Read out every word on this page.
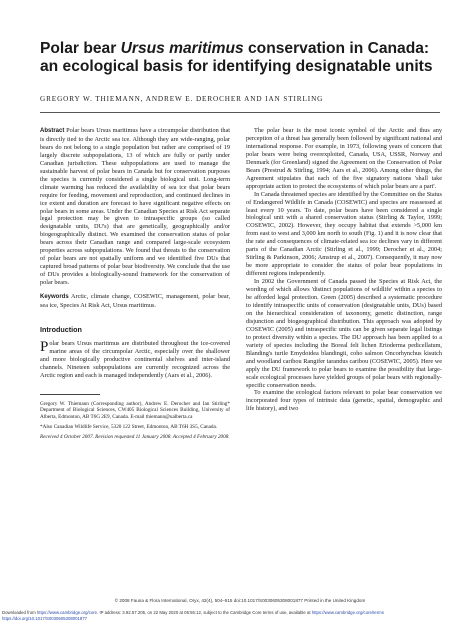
Polar bear Ursus maritimus conservation in Canada: an ecological basis for identifying designatable units
GREGORY W. THIEMANN, ANDREW E. DEROCHER AND IAN STIRLING

Abstract Polar bears Ursus maritimus have a circumpolar distribution that is directly tied to the Arctic sea ice. Although they are wide-ranging, polar bears do not belong to a single population but rather are comprised of 19 largely discrete subpopulations, 13 of which are fully or partly under Canadian jurisdiction. These subpopulations are used to manage the sustainable harvest of polar bears in Canada but for conservation purposes the species is currently considered a single biological unit. Long-term climate warming has reduced the availability of sea ice that polar bears require for feeding, movement and reproduction, and continued declines in ice extent and duration are forecast to have significant negative effects on polar bears in some areas. Under the Canadian Species at Risk Act separate legal protection may be given to intraspecific groups (so called designatable units, DU's) that are genetically, geographically and/or biogeographically distinct. We examined the conservation status of polar bears across their Canadian range and compared large-scale ecosystem properties across subpopulations. We found that threats to the conservation of polar bears are not spatially uniform and we identified five DUs that captured broad patterns of polar bear biodiversity. We conclude that the use of DUs provides a biologically-sound framework for the conservation of polar bears.

Keywords Arctic, climate change, COSEWIC, management, polar bear, sea ice, Species At Risk Act, Ursus maritimus.

Introduction

Polar bears Ursus maritimus are distributed throughout the ice-covered marine areas of the circumpolar Arctic, especially over the shallower and more biologically productive continental shelves and inter-island channels. Nineteen subpopulations are currently recognized across the Arctic region and each is managed independently (Aars et al., 2006).

Gregory W. Thiemann (Corresponding author), Andrew E. Derocher and Ian Stirling* Department of Biological Sciences, CW405 Biological Sciences Building, University of Alberta, Edmonton, AB T6G 2E9, Canada. E-mail thiemann@ualberta.ca

*Also Canadian Wildlife Service, 5320 122 Street, Edmonton, AB T6H 3S5, Canada.

Received 4 October 2007. Revision requested 11 January 2008. Accepted 4 February 2008.

The polar bear is the most iconic symbol of the Arctic and thus any perception of a threat has generally been followed by significant national and international response. For example, in 1973, following years of concern that polar bears were being overexploited, Canada, USA, USSR, Norway and Denmark (for Greenland) signed the Agreement on the Conservation of Polar Bears (Prestrud & Stirling, 1994; Aars et al., 2006). Among other things, the Agreement stipulates that each of the five signatory nations 'shall take appropriate action to protect the ecosystems of which polar bears are a part'.

In Canada threatened species are identified by the Committee on the Status of Endangered Wildlife in Canada (COSEWIC) and species are reassessed at least every 10 years. To date, polar bears have been considered a single biological unit with a shared conservation status (Stirling & Taylor, 1999; COSEWIC, 2002). However, they occupy habitat that extends >5,000 km from east to west and 3,000 km north to south (Fig. 1) and it is now clear that the rate and consequences of climate-related sea ice declines vary in different parts of the Canadian Arctic (Stirling et al., 1999; Derocher et al., 2004; Stirling & Parkinson, 2006; Amstrup et al., 2007). Consequently, it may now be more appropriate to consider the status of polar bear populations in different regions independently.

In 2002 the Government of Canada passed the Species at Risk Act, the wording of which allows 'distinct populations of wildlife' within a species to be afforded legal protection. Green (2005) described a systematic procedure to identify intraspecific units of conservation (designatable units, DUs) based on the hierarchical consideration of taxonomy, genetic distinction, range disjunction and biogeographical distribution. This approach was adopted by COSEWIC (2005) and intraspecific units can be given separate legal listings to protect diversity within a species. The DU approach has been applied to a variety of species including the Boreal felt lichen Erioderma pedicellatum, Blanding's turtle Emydoidea blandingii, coho salmon Oncorhynchus kisutch and woodland caribou Rangifer tarandus caribou (COSEWIC, 2005). Here we apply the DU framework to polar bears to examine the possibility that large-scale ecological processes have yielded groups of polar bears with regionally-specific conservation needs.

To examine the ecological factors relevant to polar bear conservation we incorporated four types of intrinsic data (genetic, spatial, demographic and life history), and two

© 2008 Fauna & Flora International, Oryx, 42(4), 504–515 doi:10.1017/S0030605308001877 Printed in the United Kingdom
Downloaded from https://www.cambridge.org/core. IP address: 3.92.57.205, on 22 May 2020 at 06:55:12, subject to the Cambridge Core terms of use, available at https://www.cambridge.org/core/terms
https://doi.org/10.1017/S0030605308001877
